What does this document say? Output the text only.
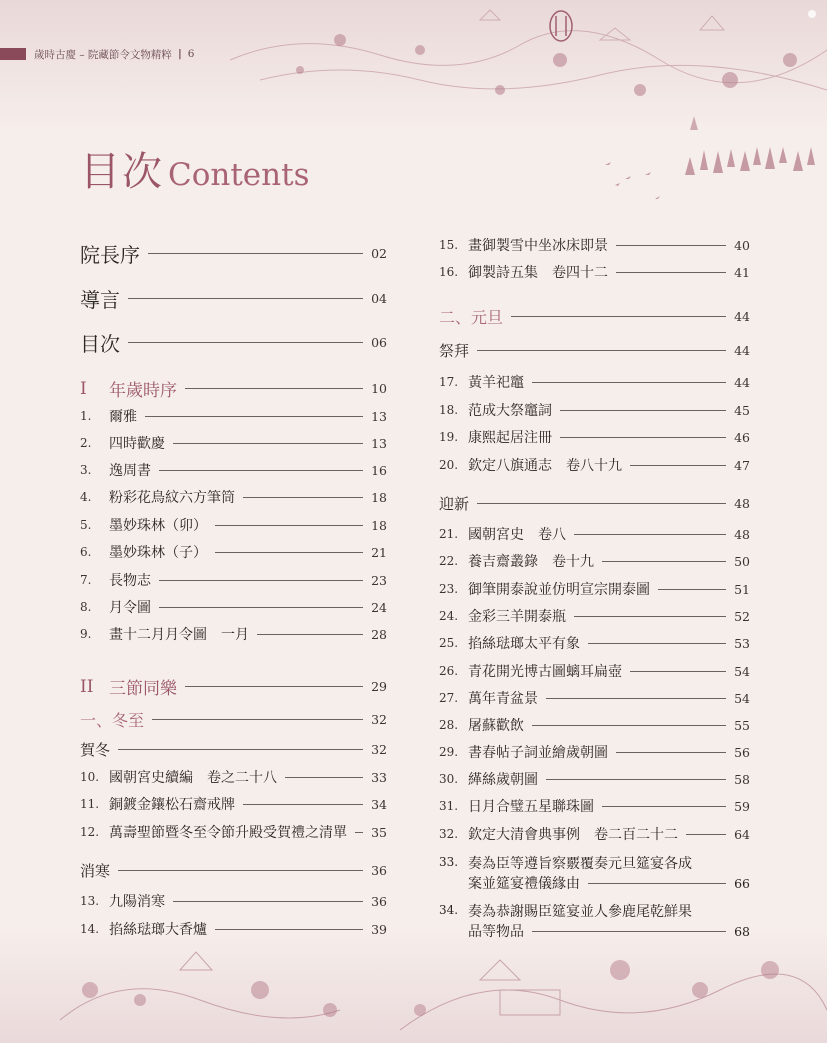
歲時古慶 – 院藏節令文物精粹 | 6
目次 Contents
院長序	02
導言	04
目次	06
I	年歲時序	10
1.	爾雅	13
2.	四時歡慶	13
3.	逸周書	16
4.	粉彩花鳥紋六方筆筒	18
5.	墨妙珠林（卯）	18
6.	墨妙珠林（子）	21
7.	長物志	23
8.	月令圖	24
9.	畫十二月月令圖　一月	28
II 三節同樂	29
一、冬至	32
賀冬	32
10. 國朝宮史續編　卷之二十八	33
11. 銅鍍金鑲松石齋戒牌	34
12. 萬壽聖節暨冬至令節升殿受賀禮之清單 35
消寒	36
13. 九陽消寒	36
14. 掐絲琺瑯大香爐	39
15. 畫御製雪中坐冰床即景	40
16. 御製詩五集　卷四十二	41
二、元旦	44
祭拜	44
17. 黃羊祀竈	44
18. 范成大祭竈詞	45
19. 康熙起居注冊	46
20. 欽定八旗通志　卷八十九	47
迎新	48
21. 國朝宮史　卷八	48
22. 養吉齋叢錄　卷十九	50
23. 御筆開泰說並仿明宣宗開泰圖	51
24. 金彩三羊開泰瓶	52
25. 掐絲琺瑯太平有象	53
26. 青花開光博古圖螭耳扁壺	54
27. 萬年青盆景	54
28. 屠蘇歡飲	55
29. 書春帖子詞並繪歲朝圖	56
30. 緙絲歲朝圖	58
31. 日月合璧五星聯珠圖	59
32. 欽定大清會典事例　卷二百二十二	64
33. 奏為臣等遵旨察覈覆奏元旦筵宴各成
案並筵宴禮儀緣由	66
34. 奏為恭謝賜臣筵宴並人參鹿尾乾鮮果
品等物品	68
